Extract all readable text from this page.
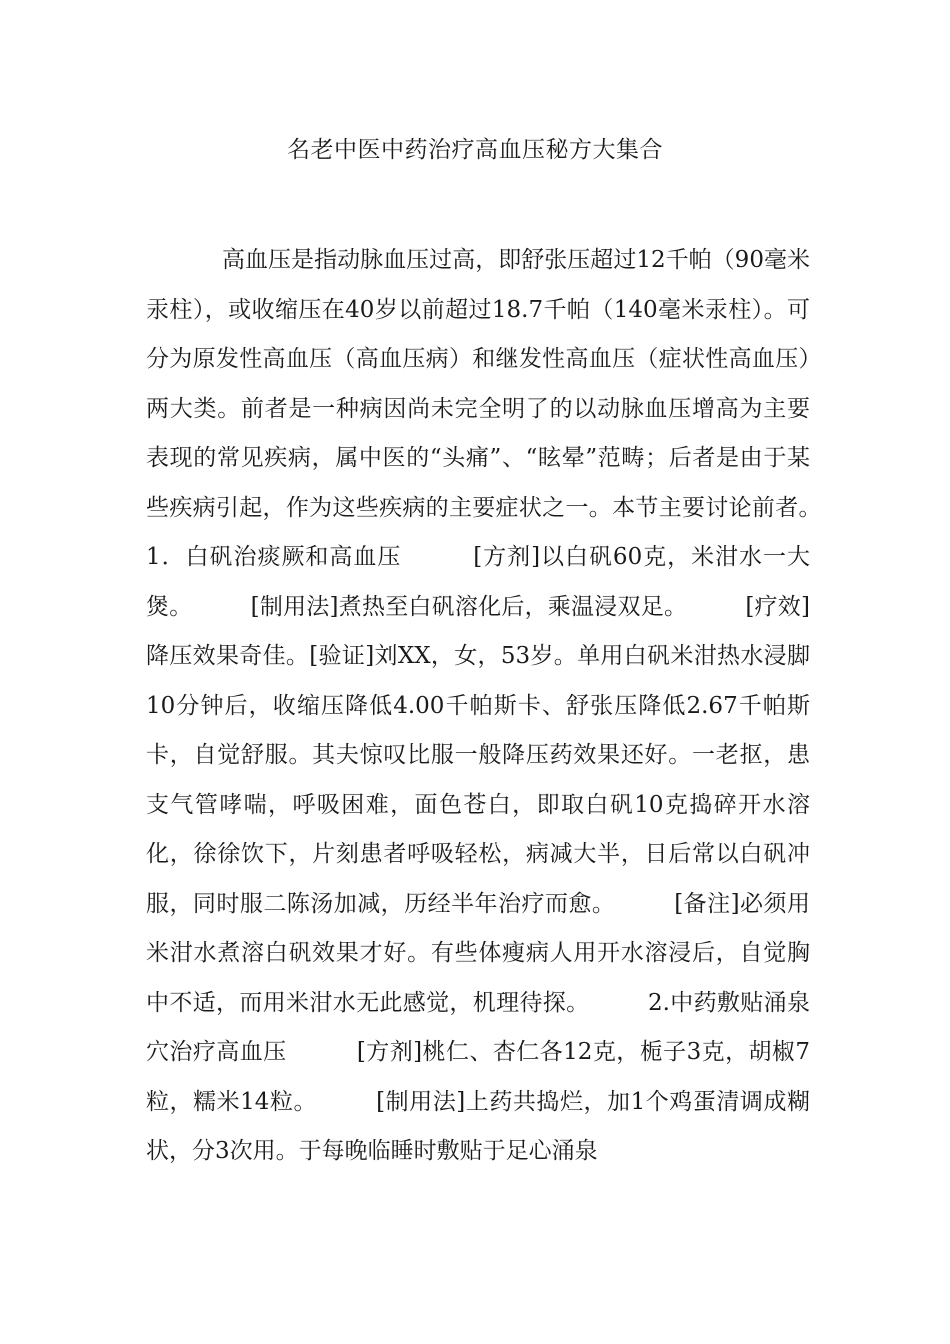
名老中医中药治疗高血压秘方大集合

高血压是指动脉血压过高，即舒张压超过12千帕（90毫米汞柱），或收缩压在40岁以前超过18.7千帕（140毫米汞柱）。可分为原发性高血压（高血压病）和继发性高血压（症状性高血压）两大类。前者是一种病因尚未完全明了的以动脉血压增高为主要表现的常见疾病，属中医的“头痛”、“眩晕”范畴；后者是由于某些疾病引起，作为这些疾病的主要症状之一。本节主要讨论前者。　　　1．白矾治痰厥和高血压　　　[方剂]以白矾60克，米泔水一大煲。　　　[制用法]煮热至白矾溶化后，乘温浸双足。　　　[疗效]降压效果奇佳。[验证]刘XX，女，53岁。单用白矾米泔热水浸脚10分钟后，收缩压降低4.00千帕斯卡、舒张压降低2.67千帕斯卡，自觉舒服。其夫惊叹比服一般降压药效果还好。一老抠，患支气管哮喘，呼吸困难，面色苍白，即取白矾10克捣碎开水溶化，徐徐饮下，片刻患者呼吸轻松，病减大半，日后常以白矾冲服，同时服二陈汤加减，历经半年治疗而愈。　　　[备注]必须用米泔水煮溶白矾效果才好。有些体瘦病人用开水溶浸后，自觉胸中不适，而用米泔水无此感觉，机理待探。　　　2.中药敷贴涌泉穴治疗高血压　　　[方剂]桃仁、杏仁各12克，栀子3克，胡椒7粒，糯米14粒。　　　[制用法]上药共捣烂，加1个鸡蛋清调成糊状，分3次用。于每晚临睡时敷贴于足心涌泉
